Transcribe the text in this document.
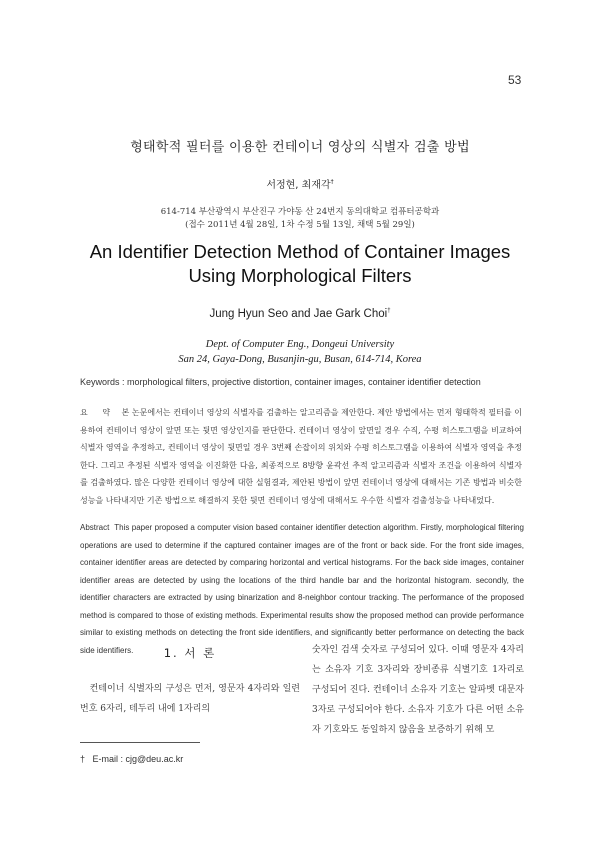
53
형태학적 필터를 이용한 컨테이너 영상의 식별자 검출 방법
서정현, 최재각†
614-714 부산광역시 부산진구 가야동 산 24번지 동의대학교 컴퓨터공학과
(접수 2011년 4월 28일, 1차 수정 5월 13일, 채택 5월 29일)
An Identifier Detection Method of Container Images
Using Morphological Filters
Jung Hyun Seo and Jae Gark Choi†
Dept. of Computer Eng., Dongeui University
San 24, Gaya-Dong, Busanjin-gu, Busan, 614-714, Korea
Keywords : morphological filters, projective distortion, container images, container identifier detection
요 약 본 논문에서는 컨테이너 영상의 식별자를 검출하는 알고리즘을 제안한다. 제안 방법에서는 먼저 형태학적 필터를 이용하여 컨테이너 영상이 앞면 또는 뒷면 영상인지를 판단한다. 컨테이너 영상이 앞면일 경우 수직, 수평 히스토그램을 비교하여 식별자 영역을 추정하고, 컨테이너 영상이 뒷면일 경우 3번째 손잡이의 위치와 수평 히스토그램을 이용하여 식별자 영역을 추정한다. 그리고 추정된 식별자 영역을 이진화한 다음, 최종적으로 8방향 윤곽선 추적 알고리즘과 식별자 조건을 이용하여 식별자를 검출하였다. 많은 다양한 컨테이너 영상에 대한 실험결과, 제안된 방법이 앞면 컨테이너 영상에 대해서는 기존 방법과 비슷한 성능을 나타내지만 기존 방법으로 해결하지 못한 뒷면 컨테이너 영상에 대해서도 우수한 식별자 검출성능을 나타내었다.
Abstract This paper proposed a computer vision based container identifier detection algorithm. Firstly, morphological filtering operations are used to determine if the captured container images are of the front or back side. For the front side images, container identifier areas are detected by comparing horizontal and vertical histograms. For the back side images, container identifier areas are detected by using the locations of the third handle bar and the horizontal histogram. secondly, the identifier characters are extracted by using binarization and 8-neighbor contour tracking. The performance of the proposed method is compared to those of existing methods. Experimental results show the proposed method can provide performance similar to existing methods on detecting the front side identifiers, and significantly better performance on detecting the back side identifiers.	1. 서 론
컨테이너 식별자의 구성은 먼저, 영문자 4자리와 일련번호 6자리, 테두리 내에 1자리의
숫자인 검색 숫자로 구성되어 있다. 이때 영문자 4자리는 소유자 기호 3자리와 장비종류 식별기호 1자리로 구성되어 진다. 컨테이너 소유자 기호는 알파벳 대문자 3자로 구성되어야 한다. 소유자 기호가 다른 어떤 소유자 기호와도 동일하지 않음을 보증하기 위해 모
† E-mail : cjg@deu.ac.kr
